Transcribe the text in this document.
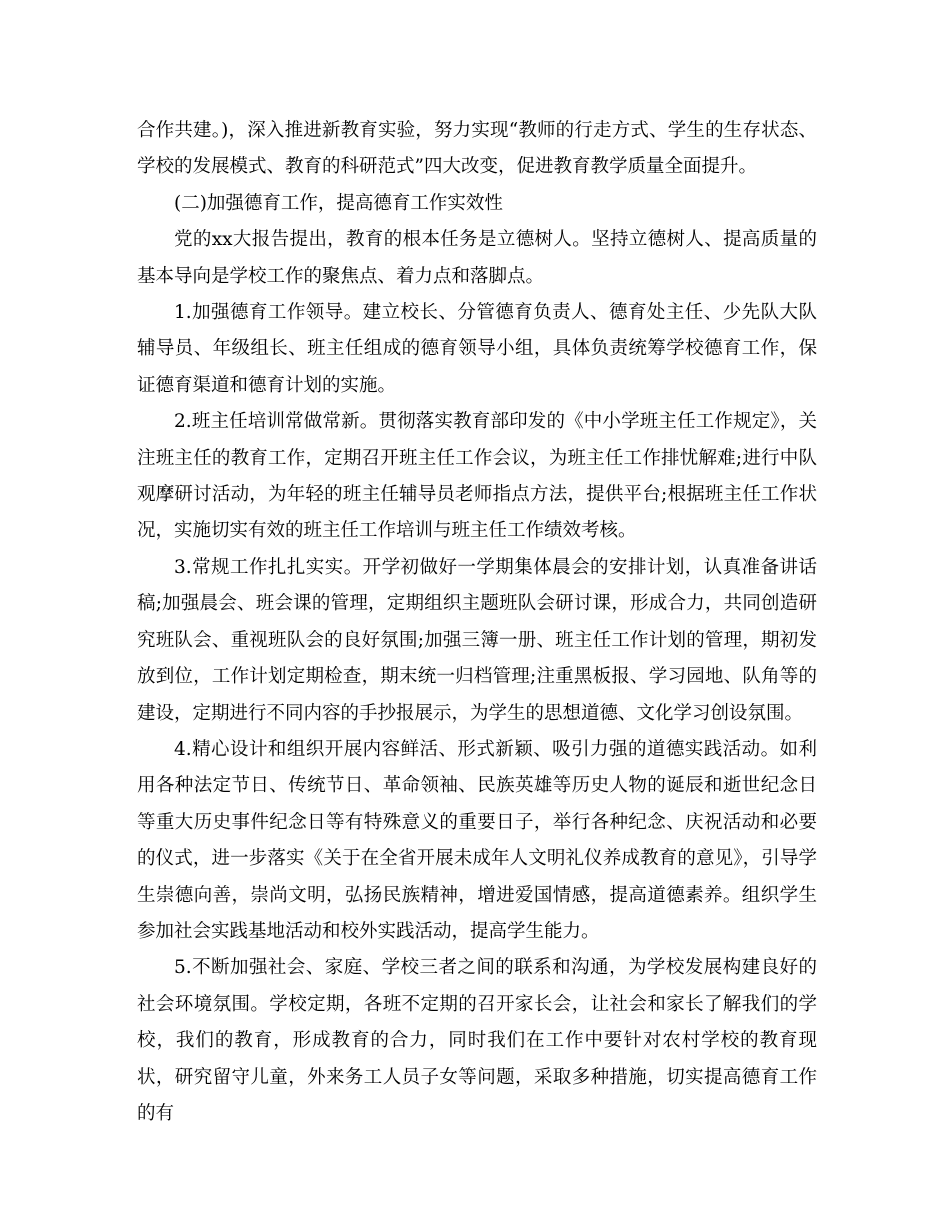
合作共建。)，深入推进新教育实验，努力实现“教师的行走方式、学生的生存状态、学校的发展模式、教育的科研范式”四大改变，促进教育教学质量全面提升。

(二)加强德育工作，提高德育工作实效性

党的xx大报告提出，教育的根本任务是立德树人。坚持立德树人、提高质量的基本导向是学校工作的聚焦点、着力点和落脚点。

1.加强德育工作领导。建立校长、分管德育负责人、德育处主任、少先队大队辅导员、年级组长、班主任组成的德育领导小组，具体负责统筹学校德育工作，保证德育渠道和德育计划的实施。

2.班主任培训常做常新。贯彻落实教育部印发的《中小学班主任工作规定》，关注班主任的教育工作，定期召开班主任工作会议，为班主任工作排忧解难;进行中队观摩研讨活动，为年轻的班主任辅导员老师指点方法，提供平台;根据班主任工作状况，实施切实有效的班主任工作培训与班主任工作绩效考核。

3.常规工作扎扎实实。开学初做好一学期集体晨会的安排计划，认真准备讲话稿;加强晨会、班会课的管理，定期组织主题班队会研讨课，形成合力，共同创造研究班队会、重视班队会的良好氛围;加强三簿一册、班主任工作计划的管理，期初发放到位，工作计划定期检查，期末统一归档管理;注重黑板报、学习园地、队角等的建设，定期进行不同内容的手抄报展示，为学生的思想道德、文化学习创设氛围。

4.精心设计和组织开展内容鲜活、形式新颖、吸引力强的道德实践活动。如利用各种法定节日、传统节日、革命领袖、民族英雄等历史人物的诞辰和逝世纪念日等重大历史事件纪念日等有特殊意义的重要日子，举行各种纪念、庆祝活动和必要的仪式，进一步落实《关于在全省开展未成年人文明礼仪养成教育的意见》，引导学生崇德向善，崇尚文明，弘扬民族精神，增进爱国情感，提高道德素养。组织学生参加社会实践基地活动和校外实践活动，提高学生能力。

5.不断加强社会、家庭、学校三者之间的联系和沟通，为学校发展构建良好的社会环境氛围。学校定期，各班不定期的召开家长会，让社会和家长了解我们的学校，我们的教育，形成教育的合力，同时我们在工作中要针对农村学校的教育现状，研究留守儿童，外来务工人员子女等问题，采取多种措施，切实提高德育工作的有
